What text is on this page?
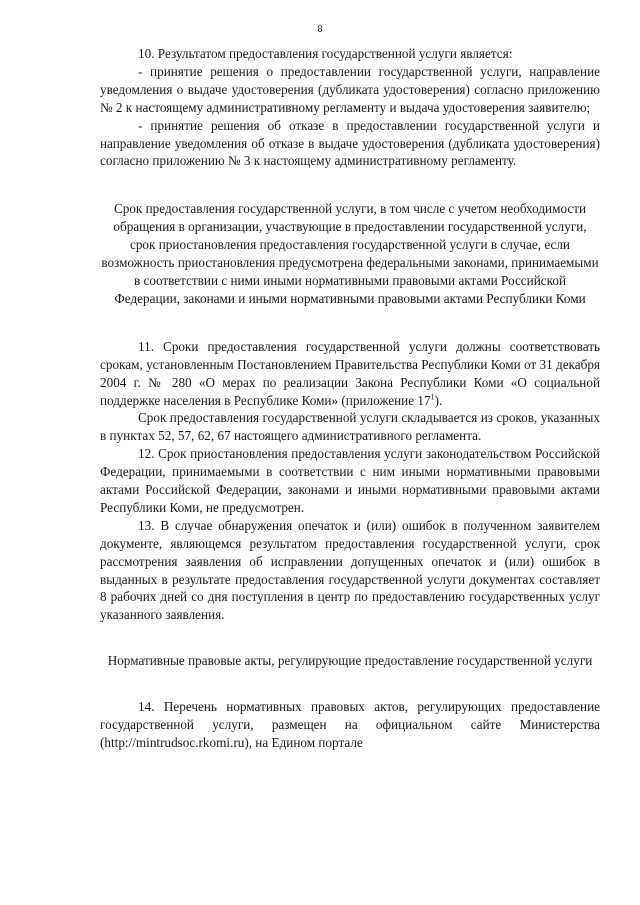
8

10. Результатом предоставления государственной услуги является:

- принятие решения о предоставлении государственной услуги, направление уведомления о выдаче удостоверения (дубликата удостоверения) согласно приложению № 2 к настоящему административному регламенту и выдача удостоверения заявителю;

- принятие решения об отказе в предоставлении государственной услуги и направление уведомления об отказе в выдаче удостоверения (дубликата удостоверения) согласно приложению № 3 к настоящему административному регламенту.

Срок предоставления государственной услуги, в том числе с учетом необходимости обращения в организации, участвующие в предоставлении государственной услуги, срок приостановления предоставления государственной услуги в случае, если возможность приостановления предусмотрена федеральными законами, принимаемыми в соответствии с ними иными нормативными правовыми актами Российской Федерации, законами и иными нормативными правовыми актами Республики Коми

11. Сроки предоставления государственной услуги должны соответствовать срокам, установленным Постановлением Правительства Республики Коми от 31 декабря 2004 г. № 280 «О мерах по реализации Закона Республики Коми «О социальной поддержке населения в Республике Коми» (приложение $17^1$).

Срок предоставления государственной услуги складывается из сроков, указанных в пунктах 52, 57, 62, 67 настоящего административного регламента.

12. Срок приостановления предоставления услуги законодательством Российской Федерации, принимаемыми в соответствии с ним иными нормативными правовыми актами Российской Федерации, законами и иными нормативными правовыми актами Республики Коми, не предусмотрен.

13. В случае обнаружения опечаток и (или) ошибок в полученном заявителем документе, являющемся результатом предоставления государственной услуги, срок рассмотрения заявления об исправлении допущенных опечаток и (или) ошибок в выданных в результате предоставления государственной услуги документах составляет 8 рабочих дней со дня поступления в центр по предоставлению государственных услуг указанного заявления.

Нормативные правовые акты, регулирующие предоставление государственной услуги

14. Перечень нормативных правовых актов, регулирующих предоставление государственной услуги, размещен на официальном сайте Министерства (http://mintrudsoc.rkomi.ru), на Едином портале
